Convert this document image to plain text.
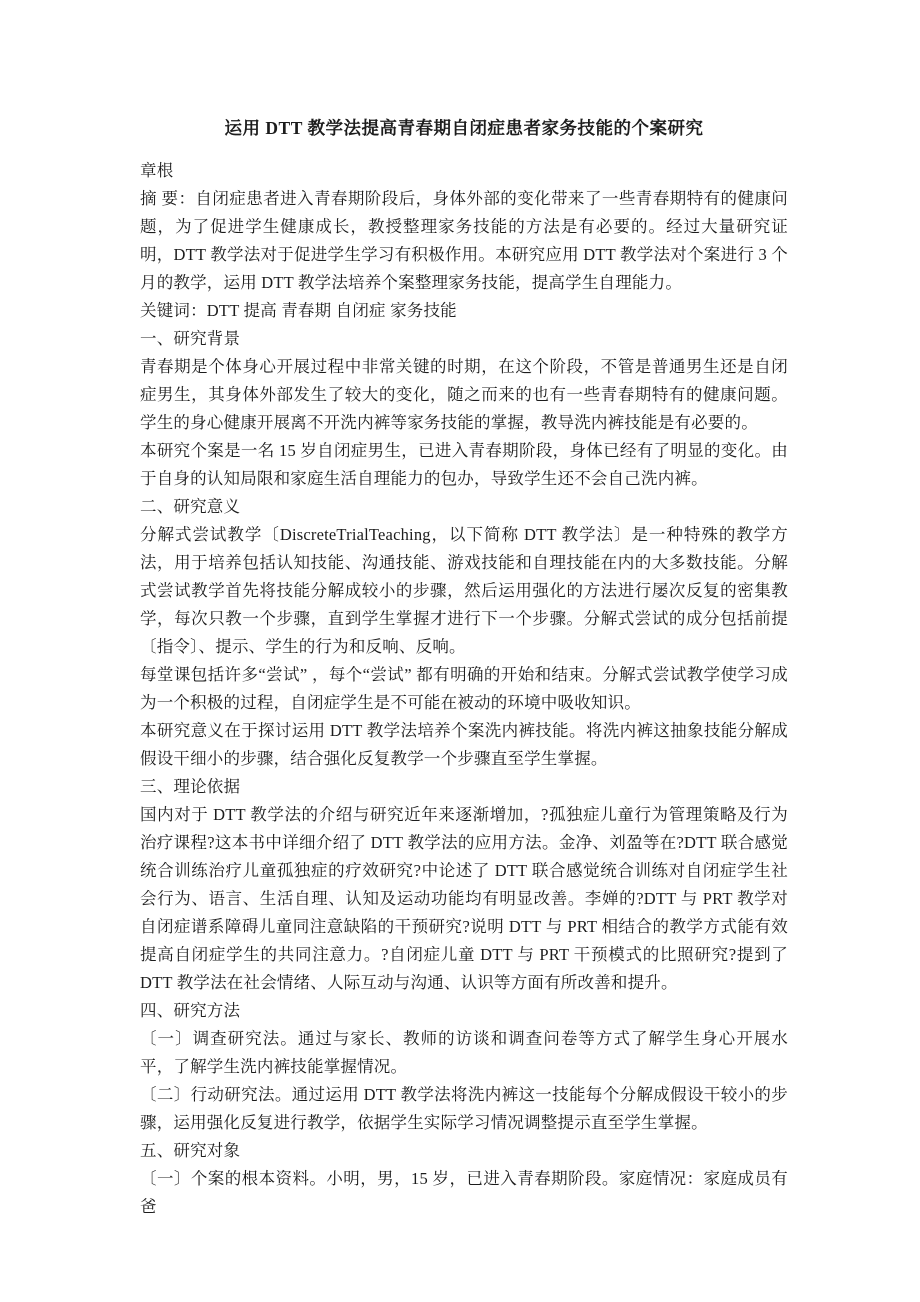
运用 DTT 教学法提高青春期自闭症患者家务技能的个案研究

章根

摘 要：自闭症患者进入青春期阶段后，身体外部的变化带来了一些青春期特有的健康问题，为了促进学生健康成长，教授整理家务技能的方法是有必要的。经过大量研究证明，DTT 教学法对于促进学生学习有积极作用。本研究应用 DTT 教学法对个案进行 3 个月的教学，运用 DTT 教学法培养个案整理家务技能，提高学生自理能力。

关键词：DTT 提高 青春期 自闭症 家务技能

一、研究背景

青春期是个体身心开展过程中非常关键的时期，在这个阶段，不管是普通男生还是自闭症男生，其身体外部发生了较大的变化，随之而来的也有一些青春期特有的健康问题。学生的身心健康开展离不开洗内裤等家务技能的掌握，教导洗内裤技能是有必要的。

本研究个案是一名 15 岁自闭症男生，已进入青春期阶段，身体已经有了明显的变化。由于自身的认知局限和家庭生活自理能力的包办，导致学生还不会自己洗内裤。

二、研究意义

分解式尝试教学〔DiscreteTrialTeaching，以下简称 DTT 教学法〕是一种特殊的教学方法，用于培养包括认知技能、沟通技能、游戏技能和自理技能在内的大多数技能。分解式尝试教学首先将技能分解成较小的步骤，然后运用强化的方法进行屡次反复的密集教学，每次只教一个步骤，直到学生掌握才进行下一个步骤。分解式尝试的成分包括前提〔指令〕、提示、学生的行为和反响、反响。

每堂课包括许多“尝试” ，每个“尝试” 都有明确的开始和结束。分解式尝试教学使学习成为一个积极的过程，自闭症学生是不可能在被动的环境中吸收知识。

本研究意义在于探讨运用 DTT 教学法培养个案洗内裤技能。将洗内裤这抽象技能分解成假设干细小的步骤，结合强化反复教学一个步骤直至学生掌握。

三、理论依据

国内对于 DTT 教学法的介绍与研究近年来逐渐增加，?孤独症儿童行为管理策略及行为治疗课程?这本书中详细介绍了 DTT 教学法的应用方法。金净、刘盈等在?DTT 联合感觉统合训练治疗儿童孤独症的疗效研究?中论述了 DTT 联合感觉统合训练对自闭症学生社会行为、语言、生活自理、认知及运动功能均有明显改善。李婵的?DTT 与 PRT 教学对自闭症谱系障碍儿童同注意缺陷的干预研究?说明 DTT 与 PRT 相结合的教学方式能有效提高自闭症学生的共同注意力。?自闭症儿童 DTT 与 PRT 干预模式的比照研究?提到了 DTT 教学法在社会情绪、人际互动与沟通、认识等方面有所改善和提升。

四、研究方法

〔一〕调查研究法。通过与家长、教师的访谈和调查问卷等方式了解学生身心开展水平，了解学生洗内裤技能掌握情况。

〔二〕行动研究法。通过运用 DTT 教学法将洗内裤这一技能每个分解成假设干较小的步骤，运用强化反复进行教学，依据学生实际学习情况调整提示直至学生掌握。

五、研究对象

〔一〕个案的根本资料。小明，男，15 岁，已进入青春期阶段。家庭情况：家庭成员有爸
